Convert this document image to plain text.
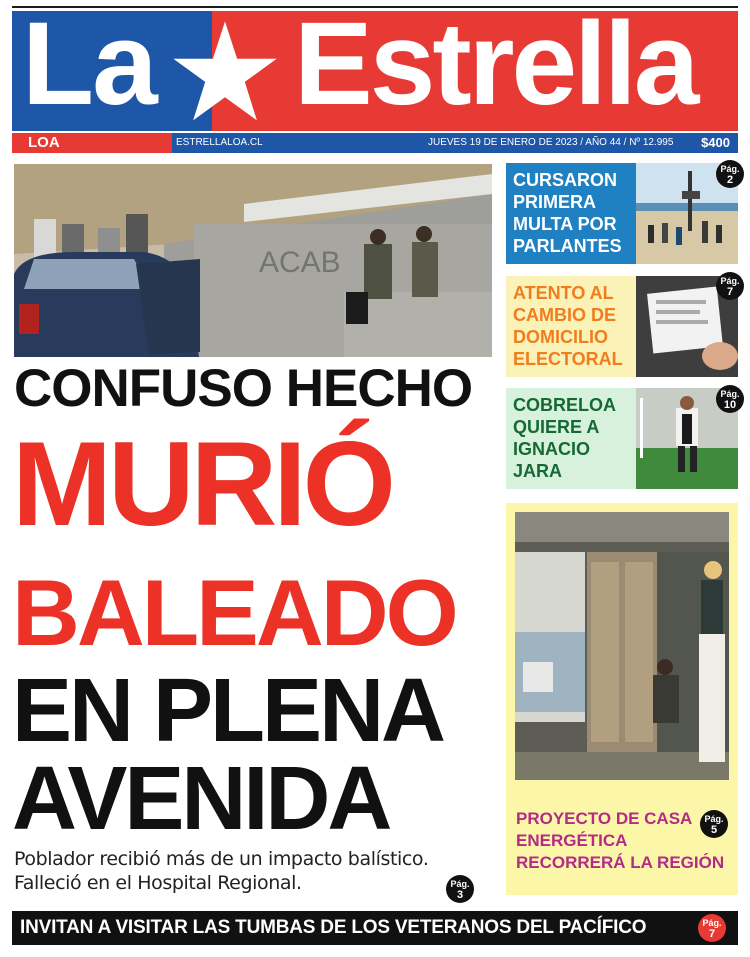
La Estrella
LOA	ESTRELLALOA.CL	JUEVES 19 DE ENERO DE 2023 / AÑO 44 / Nº 12.995 $400
ACAB
CONFUSO HECHO
MURIÓ
BALEADO
EN PLENA
AVENIDA
Poblador recibió más de un impacto balístico.
Falleció en el Hospital Regional.	Pág.
3
CURSARON
PRIMERA
MULTA POR
PARLANTES
Pág.
2
ATENTO AL
CAMBIO DE
DOMICILIO
ELECTORAL
Pág.
7
COBRELOA
QUIERE A
IGNACIO
JARA
Pág.
10
PROYECTO DE CASA
ENERGÉTICA
RECORRERÁ LA REGIÓN
Pág.
5
INVITAN A VISITAR LAS TUMBAS DE LOS VETERANOS DEL PACÍFICO	Pág.
7
